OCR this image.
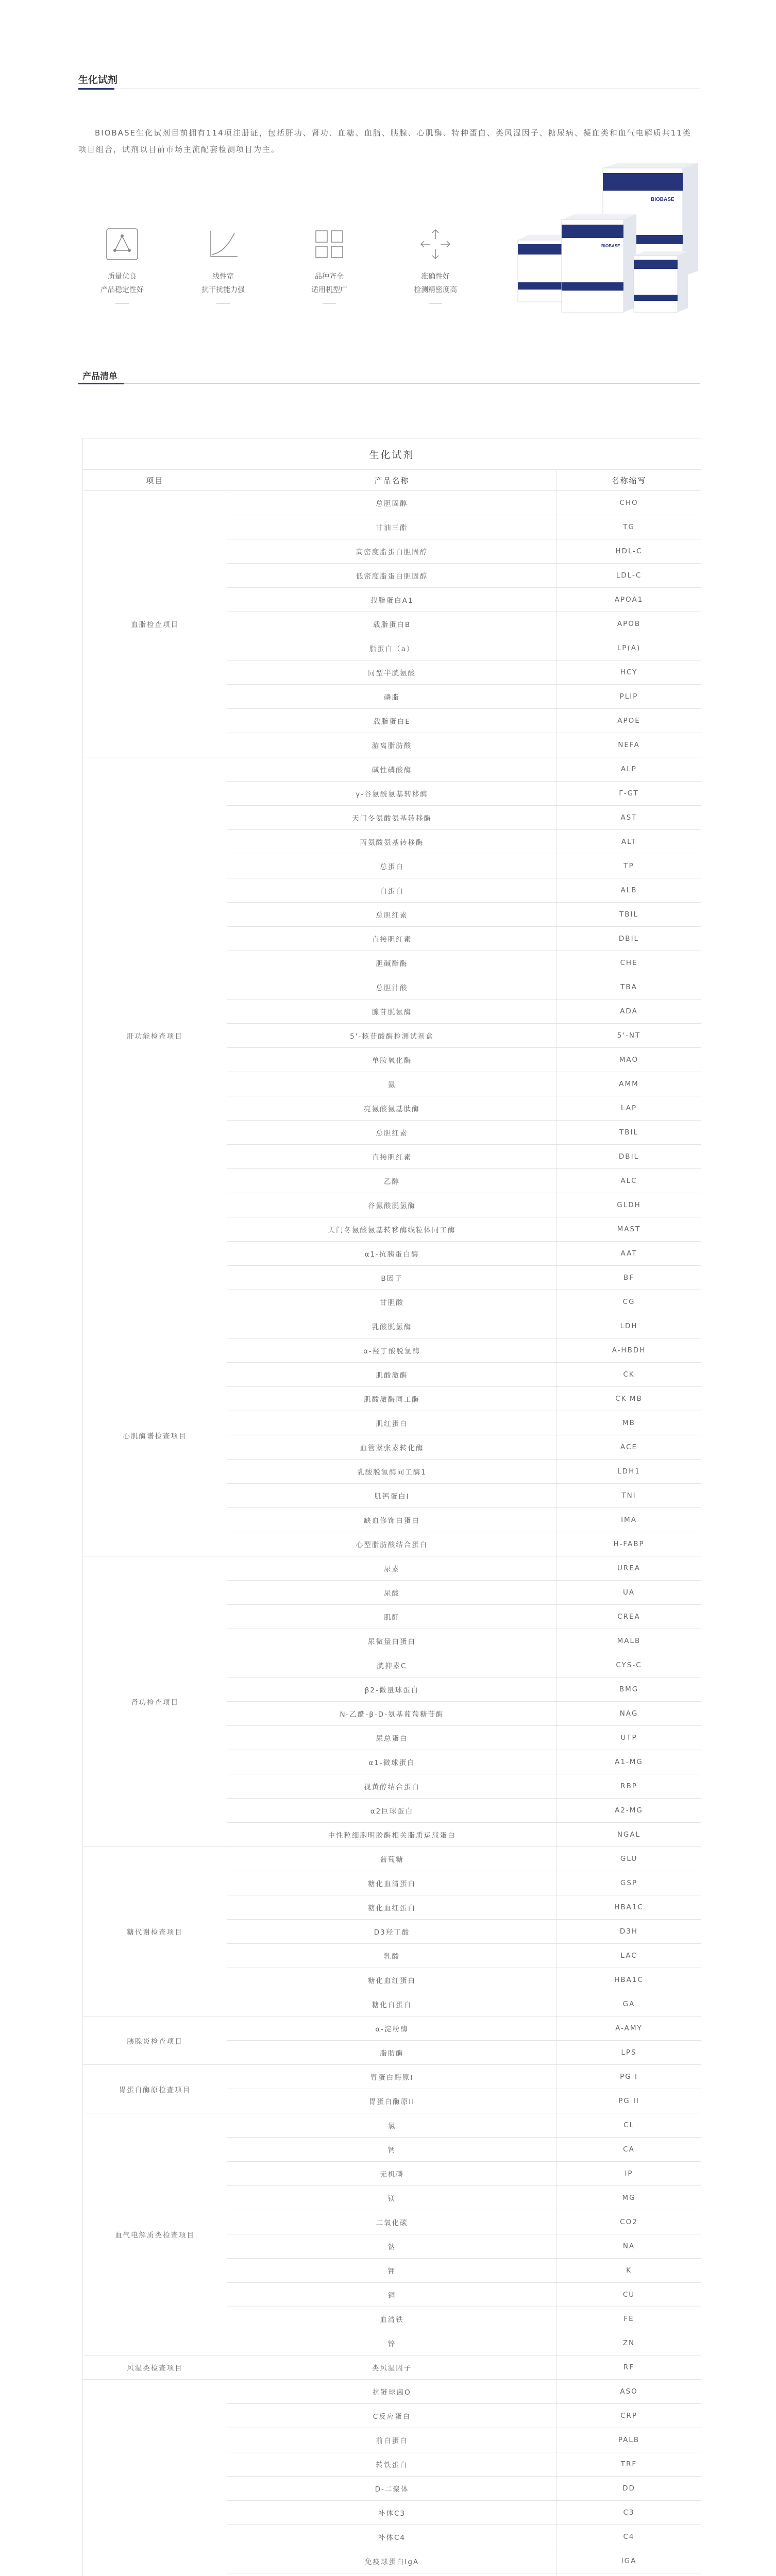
生化试剂
BIOBASE生化试剂目前拥有114项注册证，包括肝功、肾功、血糖、血脂、胰腺、心肌酶、特种蛋白、类风湿因子、糖尿病、凝血类和血气电解质共11类项目组合，试剂以目前市场主流配套检测项目为主。
质量优良
产品稳定性好
线性宽
抗干扰能力强
品种齐全
适用机型广
准确性好
检测精密度高
BIOBASE
BIOBASE
产品清单
生化试剂		
项目	产品名称	名称缩写
血脂检查项目	总胆固醇	CHO
	甘油三酯	TG
	高密度脂蛋白胆固醇	HDL-C
	低密度脂蛋白胆固醇	LDL-C
	载脂蛋白A1	APOA1
	载脂蛋白B	APOB
	脂蛋白（a）	LP(A)
	同型半胱氨酸	HCY
	磷脂	PLIP
	载脂蛋白E	APOE
	游离脂肪酸	NEFA
肝功能检查项目	碱性磷酸酶	ALP
	γ-谷氨酰氨基转移酶	Γ-GT
	天门冬氨酸氨基转移酶	AST
	丙氨酸氨基转移酶	ALT
	总蛋白	TP
	白蛋白	ALB
	总胆红素	TBIL
	直接胆红素	DBIL
	胆碱酯酶	CHE
	总胆汁酸	TBA
	腺苷脱氨酶	ADA
	5'-核苷酸酶检测试剂盒	5'-NT
	单胺氧化酶	MAO
	氨	AMM
	亮氨酸氨基肽酶	LAP
	总胆红素	TBIL
	直接胆红素	DBIL
	乙醇	ALC
	谷氨酸脱氢酶	GLDH
	天门冬氨酸氨基转移酶线粒体同工酶	MAST
	α1-抗胰蛋白酶	AAT
	B因子	BF
	甘胆酸	CG
心肌酶谱检查项目	乳酸脱氢酶	LDH
	α-羟丁酸脱氢酶	A-HBDH
	肌酸激酶	CK
	肌酸激酶同工酶	CK-MB
	肌红蛋白	MB
	血管紧张素转化酶	ACE
	乳酸脱氢酶同工酶1	LDH1
	肌钙蛋白I	TNI
	缺血修饰白蛋白	IMA
	心型脂肪酸结合蛋白	H-FABP
肾功检查项目	尿素	UREA
	尿酸	UA
	肌酐	CREA
	尿微量白蛋白	MALB
	胱抑素C	CYS-C
	β2-微量球蛋白	BMG
	N-乙酰-β-D-氨基葡萄糖苷酶	NAG
	尿总蛋白	UTP
	α1-微球蛋白	A1-MG
	视黄醇结合蛋白	RBP
	α2巨球蛋白	A2-MG
	中性粒细胞明胶酶相关脂质运载蛋白	NGAL
糖代谢检查项目	葡萄糖	GLU
	糖化血清蛋白	GSP
	糖化血红蛋白	HBA1C
	D3羟丁酸	D3H
	乳酸	LAC
	糖化血红蛋白	HBA1C
	糖化白蛋白	GA
胰腺炎检查项目	α-淀粉酶	A-AMY
	脂肪酶	LPS
胃蛋白酶原检查项目	胃蛋白酶原I	PG I
	胃蛋白酶原II	PG II
血气电解质类检查项目	氯	CL
	钙	CA
	无机磷	IP
	镁	MG
	二氧化碳	CO2
	钠	NA
	钾	K
	铜	CU
	血清铁	FE
	锌	ZN
风湿类检查项目	类风湿因子	RF
	抗链球菌O	ASO
	C反应蛋白	CRP
	前白蛋白	PALB
	转铁蛋白	TRF
	D-二聚体	DD
	补体C3	C3
	补体C4	C4
	免疫球蛋白IgA	IGA
